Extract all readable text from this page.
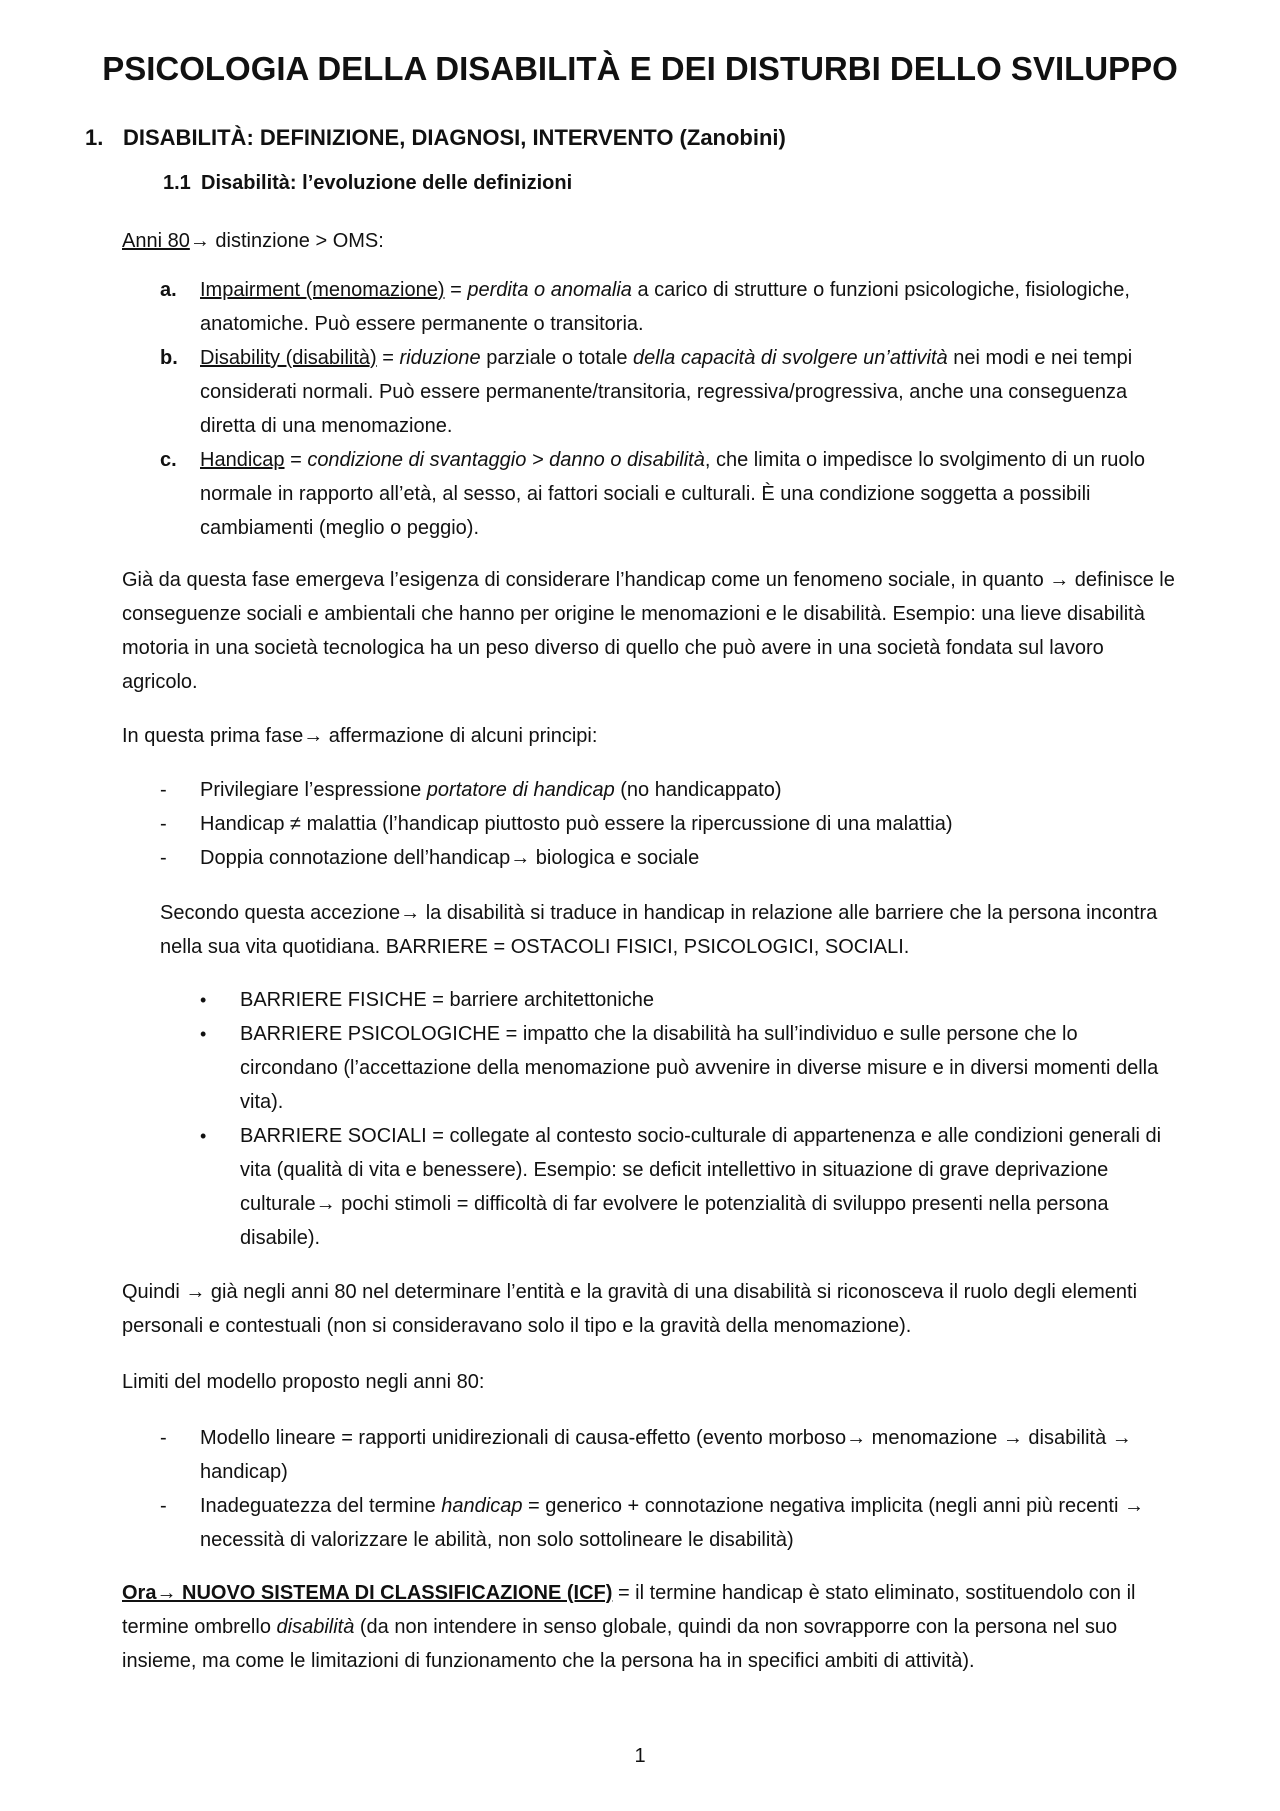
PSICOLOGIA DELLA DISABILITÀ E DEI DISTURBI DELLO SVILUPPO
1. DISABILITÀ: DEFINIZIONE, DIAGNOSI, INTERVENTO (Zanobini)
1.1 Disabilità: l’evoluzione delle definizioni
Anni 80→ distinzione > OMS:
a.	Impairment (menomazione) = perdita o anomalia a carico di strutture o funzioni psicologiche, fisiologiche, anatomiche. Può essere permanente o transitoria.
b.	Disability (disabilità) = riduzione parziale o totale della capacità di svolgere un’attività nei modi e nei tempi considerati normali. Può essere permanente/transitoria, regressiva/progressiva, anche una conseguenza diretta di una menomazione.
c.	Handicap = condizione di svantaggio > danno o disabilità, che limita o impedisce lo svolgimento di un ruolo normale in rapporto all’età, al sesso, ai fattori sociali e culturali. È una condizione soggetta a possibili cambiamenti (meglio o peggio).
Già da questa fase emergeva l’esigenza di considerare l’handicap come un fenomeno sociale, in quanto → definisce le conseguenze sociali e ambientali che hanno per origine le menomazioni e le disabilità. Esempio: una lieve disabilità motoria in una società tecnologica ha un peso diverso di quello che può avere in una società fondata sul lavoro agricolo.
In questa prima fase→ affermazione di alcuni principi:
-	Privilegiare l’espressione portatore di handicap (no handicappato)
-	Handicap ≠ malattia (l’handicap piuttosto può essere la ripercussione di una malattia)
-	Doppia connotazione dell’handicap→ biologica e sociale
Secondo questa accezione→ la disabilità si traduce in handicap in relazione alle barriere che la persona incontra nella sua vita quotidiana. BARRIERE = OSTACOLI FISICI, PSICOLOGICI, SOCIALI.
•	BARRIERE FISICHE = barriere architettoniche
•	BARRIERE PSICOLOGICHE = impatto che la disabilità ha sull’individuo e sulle persone che lo circondano (l’accettazione della menomazione può avvenire in diverse misure e in diversi momenti della vita).
•	BARRIERE SOCIALI = collegate al contesto socio-culturale di appartenenza e alle condizioni generali di vita (qualità di vita e benessere). Esempio: se deficit intellettivo in situazione di grave deprivazione culturale→ pochi stimoli = difficoltà di far evolvere le potenzialità di sviluppo presenti nella persona disabile).
Quindi → già negli anni 80 nel determinare l’entità e la gravità di una disabilità si riconosceva il ruolo degli elementi personali e contestuali (non si consideravano solo il tipo e la gravità della menomazione).
Limiti del modello proposto negli anni 80:
-	Modello lineare = rapporti unidirezionali di causa-effetto (evento morboso→ menomazione → disabilità → handicap)
-	Inadeguatezza del termine handicap = generico + connotazione negativa implicita (negli anni più recenti → necessità di valorizzare le abilità, non solo sottolineare le disabilità)
Ora→ NUOVO SISTEMA DI CLASSIFICAZIONE (ICF) = il termine handicap è stato eliminato, sostituendolo con il termine ombrello disabilità (da non intendere in senso globale, quindi da non sovrapporre con la persona nel suo insieme, ma come le limitazioni di funzionamento che la persona ha in specifici ambiti di attività).
1
